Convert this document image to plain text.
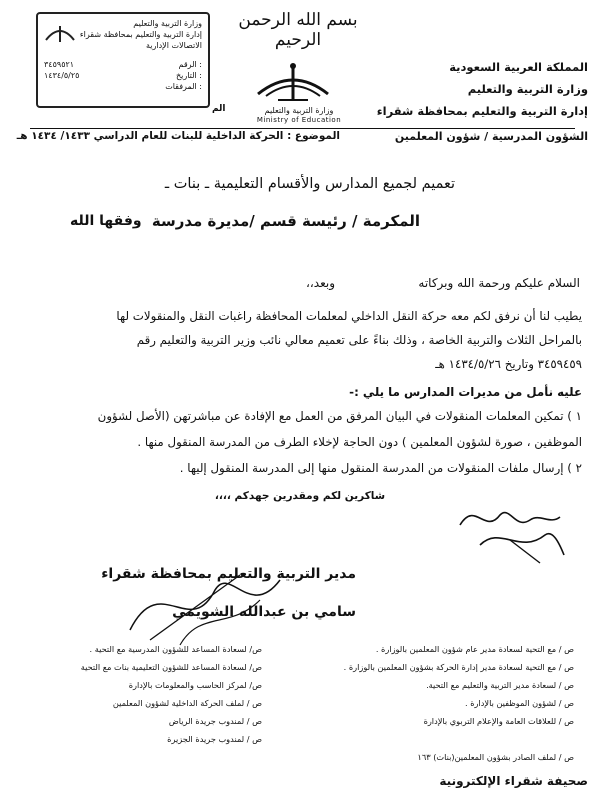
المملكة العربية السعودية
وزارة التربية والتعليم
إدارة التربية والتعليم بمحافظة شقراء
بسم الله الرحمن الرحيم
وزارة التربية والتعليم
Ministry of Education
وزارة التربية والتعليم
إدارة التربية والتعليم بمحافظة شقراء
الاتصالات الإدارية
الرقم :
٣٤٥٩٥٢١
التاريخ :
١٤٣٤/٥/٢٥
المرفقات :
الم
الموضوع : الحركة الداخلية للبنات للعام الدراسي ١٤٣٣/ ١٤٣٤ هـ	الشؤون المدرسية / شؤون المعلمين
تعميم لجميع المدارس والأقسام التعليمية ـ بنات ـ
المكرمة / رئيسة قسم /مديرة مدرسة
وفقها الله
السلام عليكم ورحمة الله وبركاته
وبعد،،
يطيب لنا أن نرفق لكم معه حركة النقل الداخلي لمعلمات المحافظة راغبات النقل والمنقولات لها
بالمراحل الثلاث والتربية الخاصة ، وذلك بناءً على تعميم معالي نائب وزير التربية والتعليم رقم
٣٤٥٩٤٥٩ وتاريخ ١٤٣٤/٥/٢٦ هـ
عليه نأمل من مديرات المدارس ما يلي :-
١ ) تمكين المعلمات المنقولات في البيان المرفق من العمل مع الإفادة عن مباشرتهن (الأصل لشؤون
الموظفين ، صورة لشؤون المعلمين ) دون الحاجة لإخلاء الطرف من المدرسة المنقول منها .
٢ ) إرسال ملفات المنقولات من المدرسة المنقول منها إلى المدرسة المنقول إليها .
شاكرين لكم ومقدرين جهدكم ،،،،
مدير التربية والتعليم بمحافظة شقراء
سامي بن عبدالله الشويمي
ص / مع التحية لسعادة مدير عام شؤون المعلمين بالوزارة .
ص / مع التحية لسعادة مدير إدارة الحركة بشؤون المعلمين بالوزارة .
ص / لسعادة مدير التربية والتعليم مع التحية.
ص / لشؤون الموظفين بالإدارة .
ص / للعلاقات العامة والإعلام التربوي بالإدارة
ص / لملف الصادر بشؤون المعلمين(بنات) ١٦٣
ص/ لسعادة المساعد للشؤون المدرسية مع التحية .
ص/ لسعادة المساعد للشؤون التعليمية بنات مع التحية
ص/ لمركز الحاسب والمعلومات بالإدارة
ص / لملف الحركة الداخلية لشؤون المعلمين
ص / لمندوب جريدة الرياض
ص / لمندوب جريدة الجزيرة
صحيفة شقراء الإلكترونية
